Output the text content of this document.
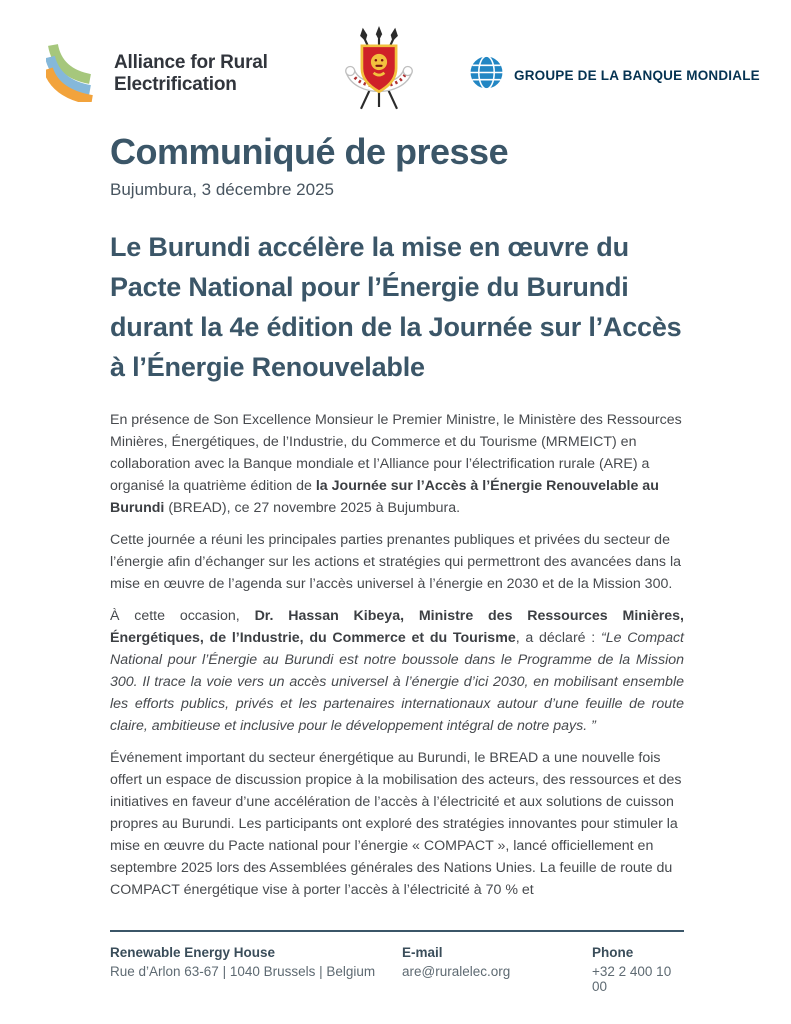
Alliance for Rural
Electrification	GROUPE DE LA BANQUE MONDIALE
Communiqué de presse
Bujumbura, 3 décembre 2025
Le Burundi accélère la mise en œuvre du Pacte National pour l’Énergie du Burundi durant la 4e édition de la Journée sur l’Accès à l’Énergie Renouvelable

En présence de Son Excellence Monsieur le Premier Ministre, le Ministère des Ressources Minières, Énergétiques, de l’Industrie, du Commerce et du Tourisme (MRMEICT) en collaboration avec la Banque mondiale et l’Alliance pour l’électrification rurale (ARE) a organisé la quatrième édition de la Journée sur l’Accès à l’Énergie Renouvelable au Burundi (BREAD), ce 27 novembre 2025 à Bujumbura.

Cette journée a réuni les principales parties prenantes publiques et privées du secteur de l’énergie afin d’échanger sur les actions et stratégies qui permettront des avancées dans la mise en œuvre de l’agenda sur l’accès universel à l’énergie en 2030 et de la Mission 300.

À cette occasion, Dr. Hassan Kibeya, Ministre des Ressources Minières, Énergétiques, de l’Industrie, du Commerce et du Tourisme, a déclaré : “Le Compact National pour l’Énergie au Burundi est notre boussole dans le Programme de la Mission 300. Il trace la voie vers un accès universel à l’énergie d’ici 2030, en mobilisant ensemble les efforts publics, privés et les partenaires internationaux autour d’une feuille de route claire, ambitieuse et inclusive pour le développement intégral de notre pays. ”

Événement important du secteur énergétique au Burundi, le BREAD a une nouvelle fois offert un espace de discussion propice à la mobilisation des acteurs, des ressources et des initiatives en faveur d’une accélération de l’accès à l’électricité et aux solutions de cuisson propres au Burundi. Les participants ont exploré des stratégies innovantes pour stimuler la mise en œuvre du Pacte national pour l’énergie « COMPACT », lancé officiellement en septembre 2025 lors des Assemblées générales des Nations Unies. La feuille de route du COMPACT énergétique vise à porter l’accès à l’électricité à 70 % et

Renewable Energy House
Rue d’Arlon 63-67 | 1040 Brussels | Belgium
E-mail
are@ruralelec.org
Phone
+32 2 400 10 00
